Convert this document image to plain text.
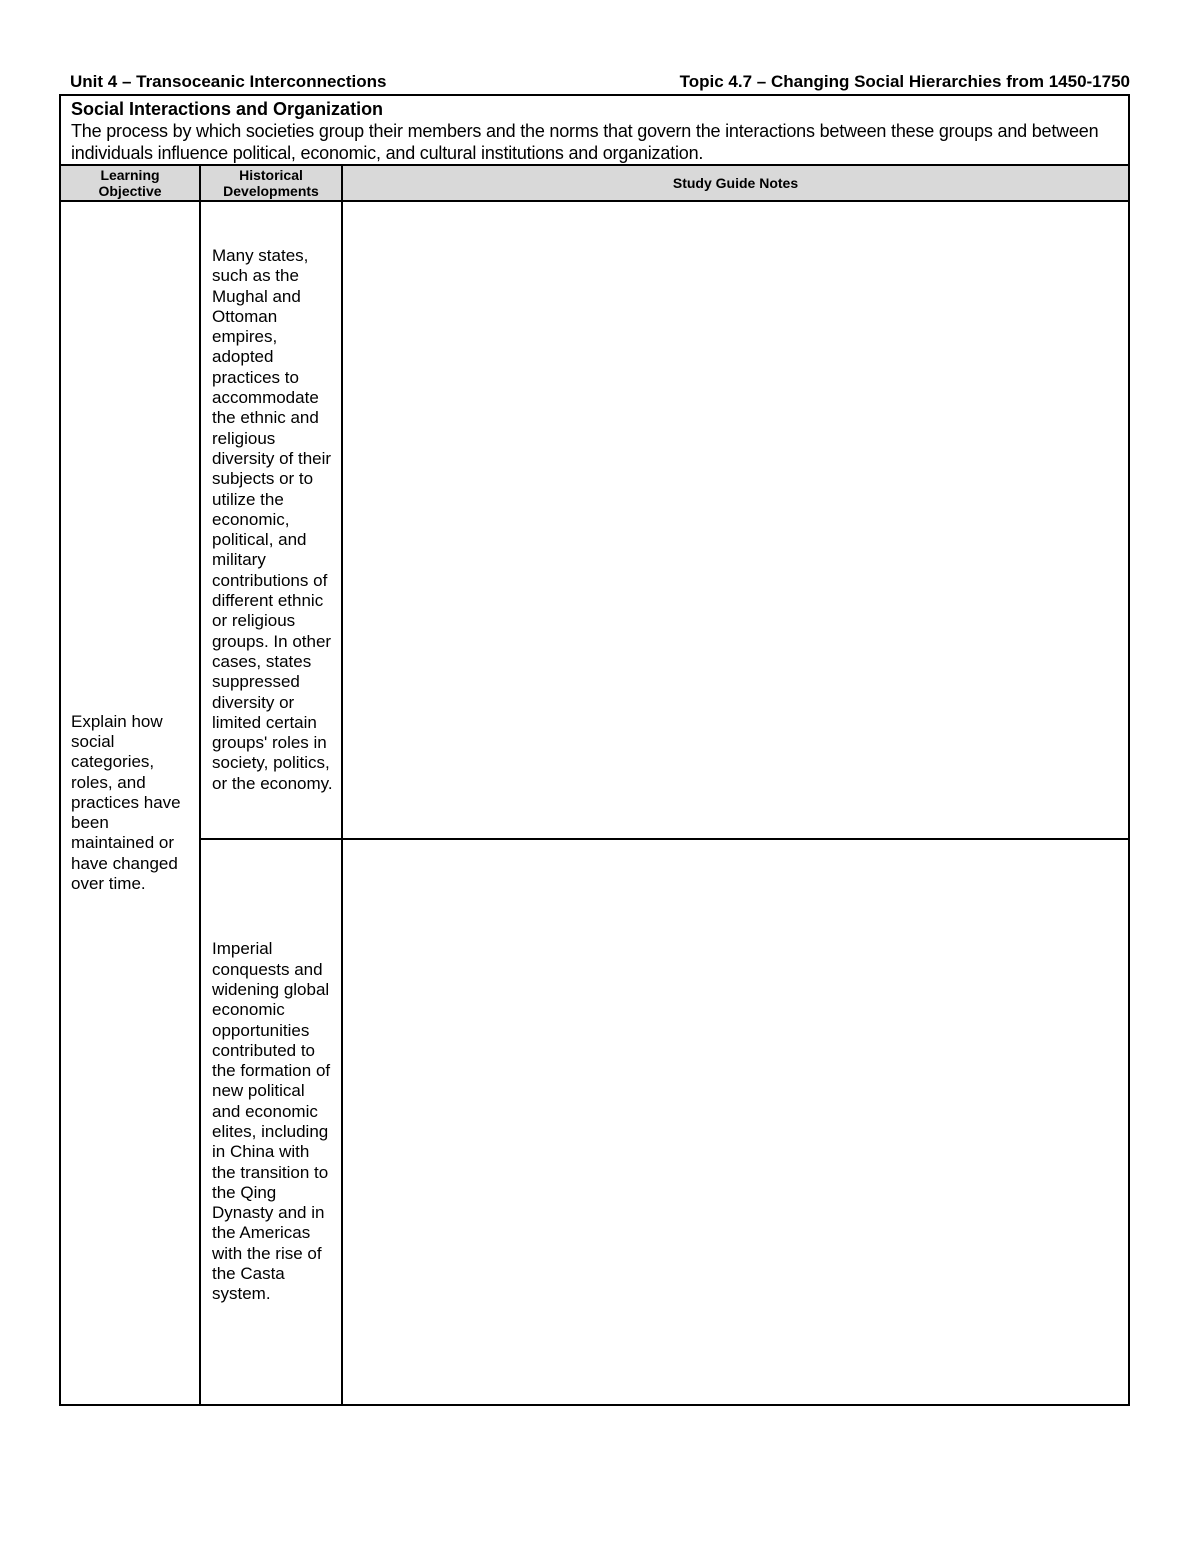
Unit 4 – Transoceanic Interconnections	Topic 4.7 – Changing Social Hierarchies from 1450-1750
Social Interactions and Organization
The process by which societies group their members and the norms that govern the interactions between these groups and between individuals influence political, economic, and cultural institutions and organization.
Learning Objective
Historical Developments	Study Guide Notes
Explain how social categories, roles, and practices have been maintained or have changed over time.
Many states, such as the Mughal and Ottoman empires, adopted practices to accommodate the ethnic and religious diversity of their subjects or to utilize the economic, political, and military contributions of different ethnic or religious groups. In other cases, states suppressed diversity or limited certain groups' roles in society, politics, or the economy.
Imperial conquests and widening global economic opportunities contributed to the formation of new political and economic elites, including in China with the transition to the Qing Dynasty and in the Americas with the rise of the Casta system.
